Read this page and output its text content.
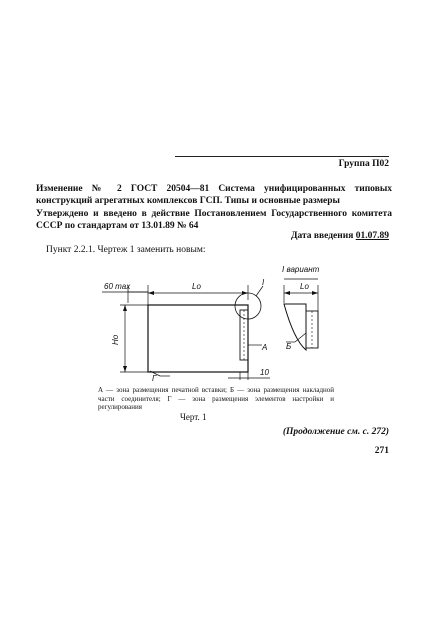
Группа П02
Изменение № 2 ГОСТ 20504—81 Система унифицированных типовых конструкций агрегатных комплексов ГСП. Типы и основные размеры
Утверждено и введено в действие Постановлением Государственного комитета СССР по стандартам от 13.01.89 № 64
Дата введения 01.07.89
Пункт 2.2.1. Чертеж 1 заменить новым:
60 max	Lo
Ho
I
A
Г
10
I вариант
Lo
Б
А — зона размещения печатной вставки; Б — зона размещения накладной части соединителя; Г — зона размещения элементов настройки и регулирования
Черт. 1
(Продолжение см. с. 272)
271
